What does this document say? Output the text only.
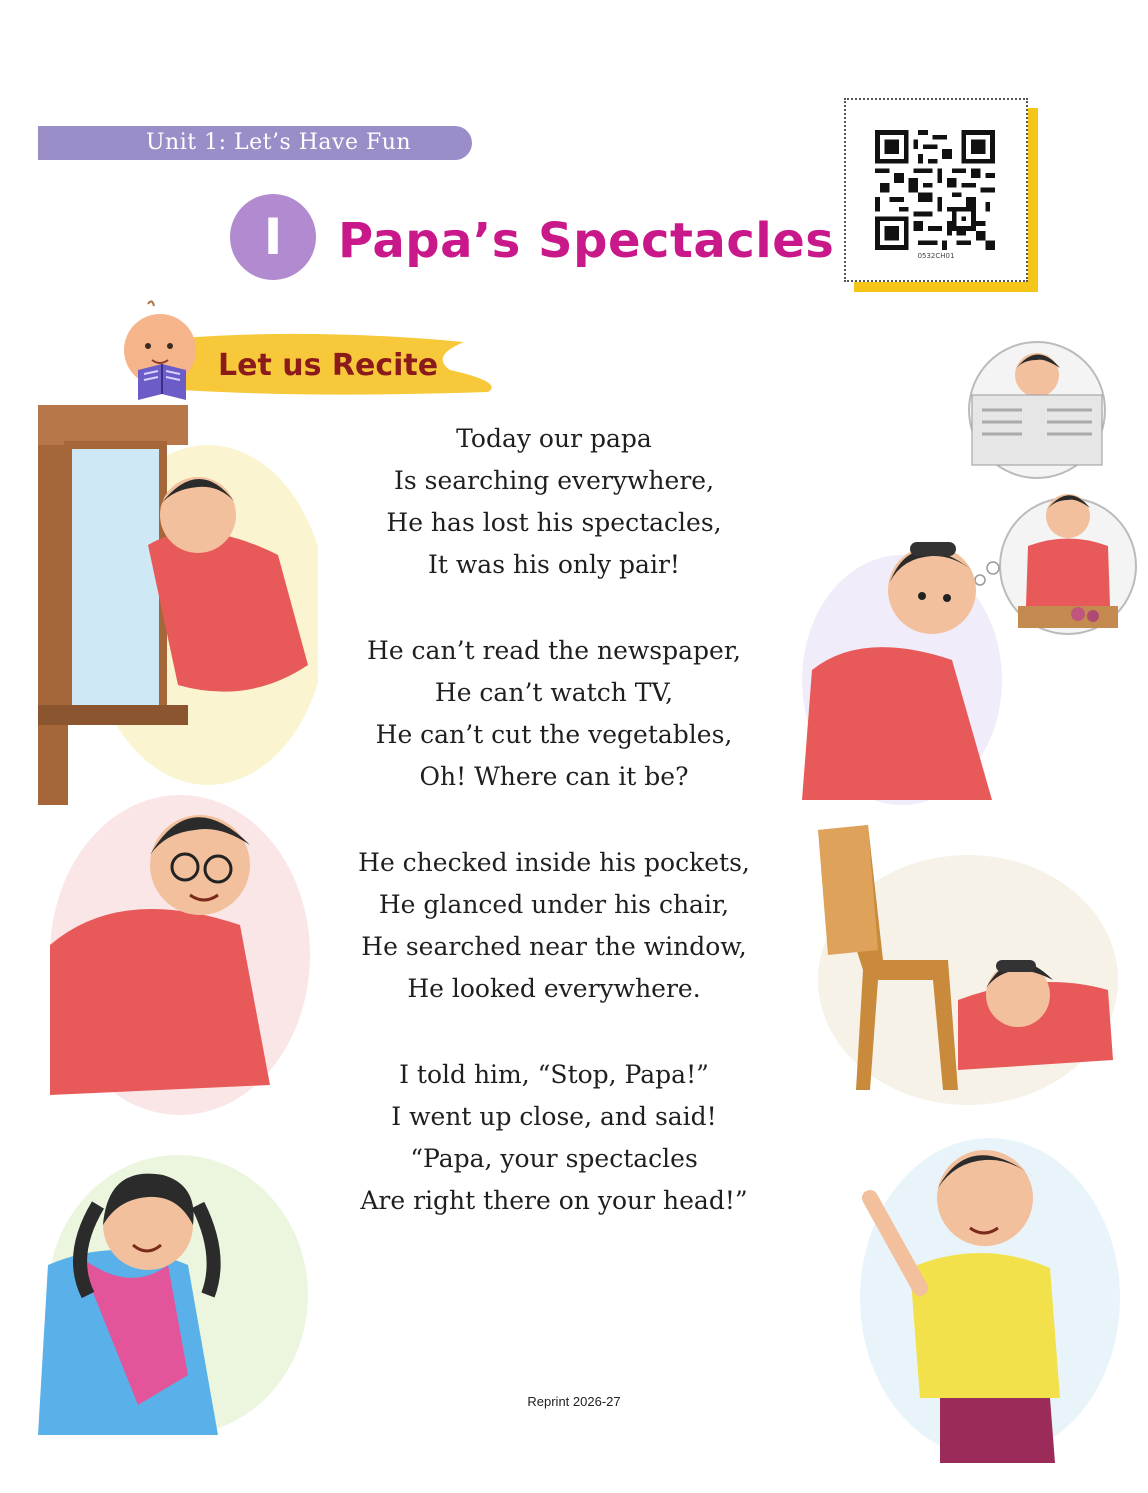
Unit 1: Let’s Have Fun
I	Papa’s Spectacles	0532CH01
Let us Recite
Today our papa
Is searching everywhere,
He has lost his spectacles,
It was his only pair!
He can’t read the newspaper,
He can’t watch TV,
He can’t cut the vegetables,
Oh! Where can it be?
He checked inside his pockets,
He glanced under his chair,
He searched near the window,
He looked everywhere.
I told him, “Stop, Papa!”
I went up close, and said!
“Papa, your spectacles
Are right there on your head!”
Reprint 2026-27
